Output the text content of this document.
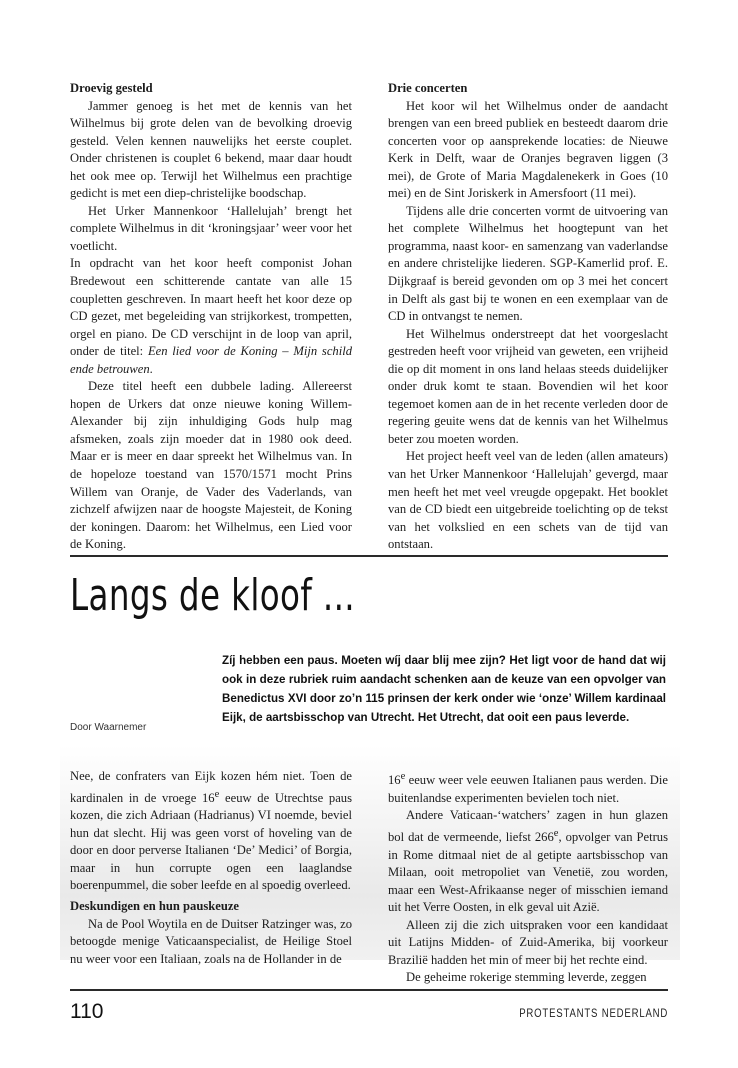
Droevig gesteld

Jammer genoeg is het met de kennis van het Wilhelmus bij grote delen van de bevolking droevig gesteld. Velen kennen nauwelijks het eerste couplet. Onder christenen is couplet 6 bekend, maar daar houdt het ook mee op. Terwijl het Wilhelmus een prachtige gedicht is met een diep-christelijke boodschap.

Het Urker Mannenkoor ‘Hallelujah’ brengt het complete Wilhelmus in dit ‘kroningsjaar’ weer voor het voetlicht.

In opdracht van het koor heeft componist Johan Bredewout een schitterende cantate van alle 15 coupletten geschreven. In maart heeft het koor deze op CD gezet, met begeleiding van strijkorkest, trompetten, orgel en piano. De CD verschijnt in de loop van april, onder de titel: Een lied voor de Koning – Mijn schild ende betrouwen.

Deze titel heeft een dubbele lading. Allereerst hopen de Urkers dat onze nieuwe koning Willem-Alexander bij zijn inhuldiging Gods hulp mag afsmeken, zoals zijn moeder dat in 1980 ook deed. Maar er is meer en daar spreekt het Wilhelmus van. In de hopeloze toestand van 1570/1571 mocht Prins Willem van Oranje, de Vader des Vaderlands, van zichzelf afwijzen naar de hoogste Majesteit, de Koning der koningen. Daarom: het Wilhelmus, een Lied voor de Koning.

Drie concerten

Het koor wil het Wilhelmus onder de aandacht brengen van een breed publiek en besteedt daarom drie concerten voor op aansprekende locaties: de Nieuwe Kerk in Delft, waar de Oranjes begraven liggen (3 mei), de Grote of Maria Magdalenekerk in Goes (10 mei) en de Sint Joriskerk in Amersfoort (11 mei).

Tijdens alle drie concerten vormt de uitvoering van het complete Wilhelmus het hoogtepunt van het programma, naast koor- en samenzang van vaderlandse en andere christelijke liederen. SGP-Kamerlid prof. E. Dijkgraaf is bereid gevonden om op 3 mei het concert in Delft als gast bij te wonen en een exemplaar van de CD in ontvangst te nemen.

Het Wilhelmus onderstreept dat het voorgeslacht gestreden heeft voor vrijheid van geweten, een vrijheid die op dit moment in ons land helaas steeds duidelijker onder druk komt te staan. Bovendien wil het koor tegemoet komen aan de in het recente verleden door de regering geuite wens dat de kennis van het Wilhelmus beter zou moeten worden.

Het project heeft veel van de leden (allen amateurs) van het Urker Mannenkoor ‘Hallelujah’ gevergd, maar men heeft het met veel vreugde opgepakt. Het booklet van de CD biedt een uitgebreide toelichting op de tekst van het volkslied en een schets van de tijd van ontstaan.

Langs de kloof ...
Door Waarnemer
Zíj hebben een paus. Moeten wíj daar blij mee zijn? Het ligt voor de hand dat wij ook in deze rubriek ruim aandacht schenken aan de keuze van een opvolger van Benedictus XVI door zo’n 115 prinsen der kerk onder wie ‘onze’ Willem kardinaal Eijk, de aartsbisschop van Utrecht. Het Utrecht, dat ooit een paus leverde.

Nee, de confraters van Eijk kozen hém niet. Toen de kardinalen in de vroege 16e eeuw de Utrechtse paus kozen, die zich Adriaan (Hadrianus) VI noemde, beviel hun dat slecht. Hij was geen vorst of hoveling van de door en door perverse Italianen ‘De’ Medici’ of Borgia, maar in hun corrupte ogen een laaglandse boerenpummel, die sober leefde en al spoedig overleed.

Deskundigen en hun pauskeuze

Na de Pool Woytila en de Duitser Ratzinger was, zo betoogde menige Vaticaanspecialist, de Heilige Stoel nu weer voor een Italiaan, zoals na de Hollander in de

16e eeuw weer vele eeuwen Italianen paus werden. Die buitenlandse experimenten bevielen toch niet.

Andere Vaticaan-‘watchers’ zagen in hun glazen bol dat de vermeende, liefst 266e, opvolger van Petrus in Rome ditmaal niet de al getipte aartsbisschop van Milaan, ooit metropoliet van Venetië, zou worden, maar een West-Afrikaanse neger of misschien iemand uit het Verre Oosten, in elk geval uit Azië.

Alleen zij die zich uitspraken voor een kandidaat uit Latijns Midden- of Zuid-Amerika, bij voorkeur Brazilië hadden het min of meer bij het rechte eind.

De geheime rokerige stemming leverde, zeggen

110	PROTESTANTS NEDERLAND
